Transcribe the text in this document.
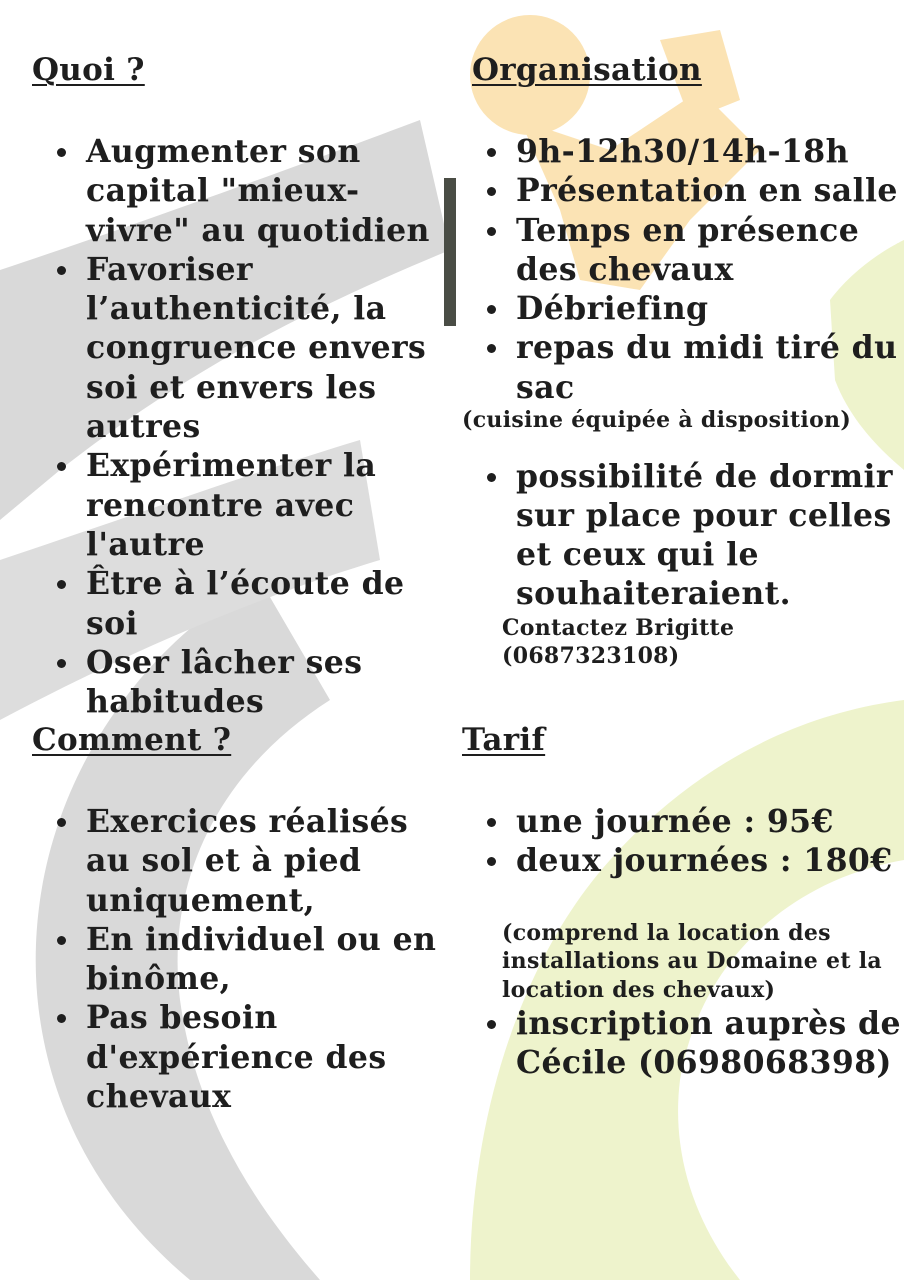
Quoi ?
Augmenter son capital "mieux-vivre" au quotidien
Favoriser l’authenticité, la congruence envers soi et envers les autres
Expérimenter la rencontre avec l'autre
Être à l’écoute de soi
Oser lâcher ses habitudes
Organisation
9h-12h30/14h-18h
Présentation en salle
Temps en présence des chevaux
Débriefing
repas du midi tiré du sac

(cuisine équipée à disposition)

possibilité de dormir sur place pour celles et ceux qui le souhaiteraient.

Contactez Brigitte

(0687323108)

Comment ?
Exercices réalisés au sol et à pied uniquement,
En individuel ou en binôme,
Pas besoin d'expérience des chevaux
Tarif
une journée : 95€
deux journées : 180€

(comprend la location des installations au Domaine et la location des chevaux)

inscription auprès de Cécile (0698068398)
